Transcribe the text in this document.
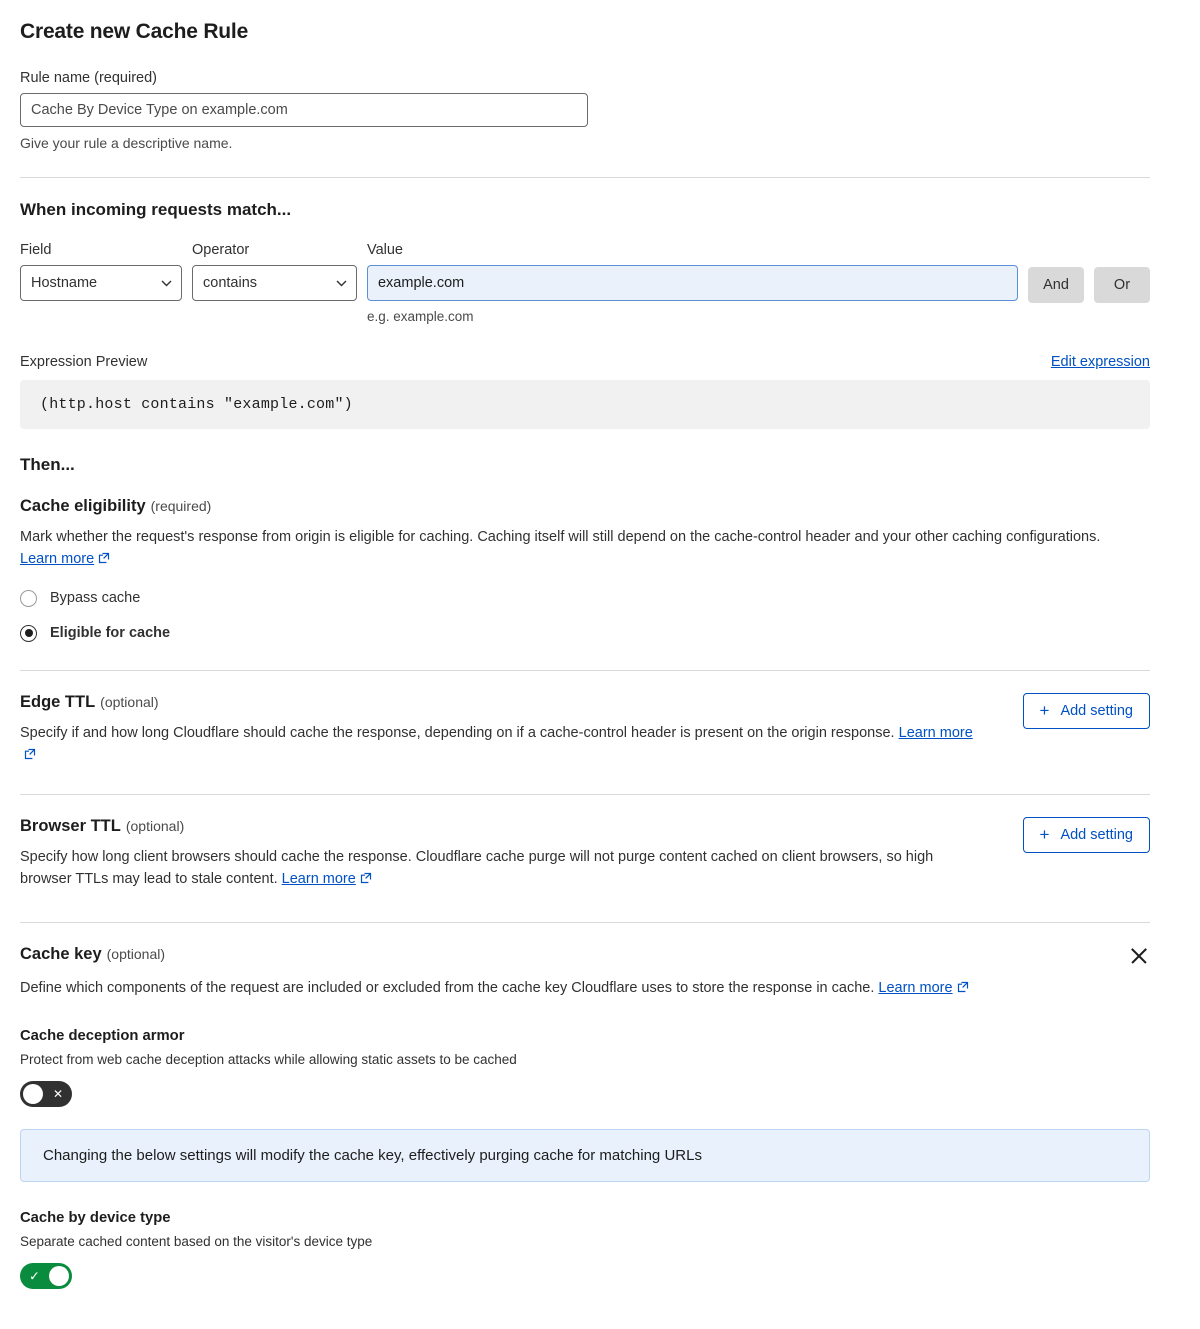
Create new Cache Rule
Rule name (required)
Cache By Device Type on example.com
Give your rule a descriptive name.
When incoming requests match...
Field
Hostname
Operator
contains
Value
example.com
e.g. example.com
And	Or
Expression Preview	Edit expression
(http.host contains "example.com")
Then...
Cache eligibility (required)
Mark whether the request's response from origin is eligible for caching. Caching itself will still depend on the cache-control header and your other caching configurations. Learn more
Bypass cache
Eligible for cache
Edge TTL (optional)
Specify if and how long Cloudflare should cache the response, depending on if a cache-control header is present on the origin response. Learn more
+ Add setting
Browser TTL (optional)
Specify how long client browsers should cache the response. Cloudflare cache purge will not purge content cached on client browsers, so high browser TTLs may lead to stale content. Learn more
+ Add setting
Cache key (optional)
Define which components of the request are included or excluded from the cache key Cloudflare uses to store the response in cache. Learn more
Cache deception armor
Protect from web cache deception attacks while allowing static assets to be cached
✕
Changing the below settings will modify the cache key, effectively purging cache for matching URLs
Cache by device type
Separate cached content based on the visitor's device type
✓
